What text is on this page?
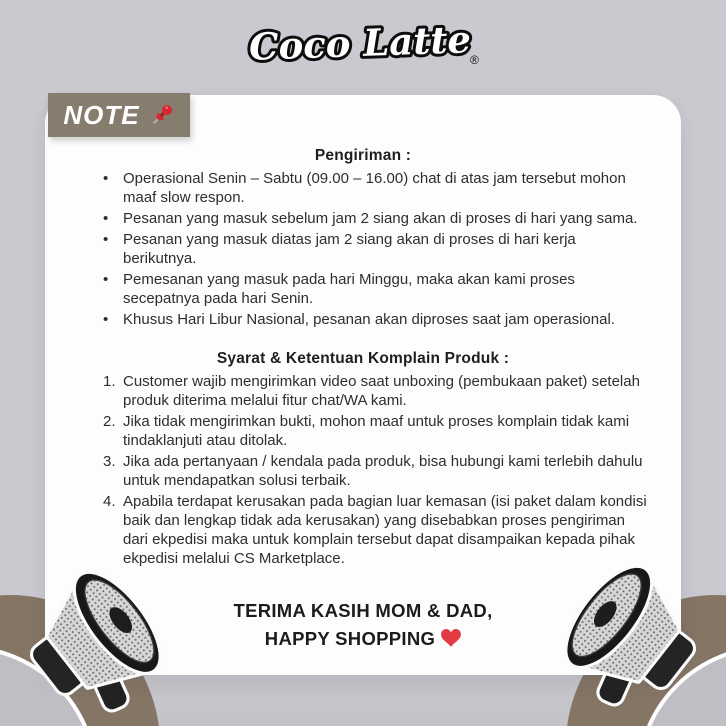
Coco Latte
®
NOTE
Pengiriman :
• Operasional Senin – Sabtu (09.00 – 16.00) chat di atas jam tersebut mohon maaf slow respon.
• Pesanan yang masuk sebelum jam 2 siang akan di proses di hari yang sama.
• Pesanan yang masuk diatas jam 2 siang akan di proses di hari kerja berikutnya.
• Pemesanan yang masuk pada hari Minggu, maka akan kami proses secepatnya pada hari Senin.
• Khusus Hari Libur Nasional, pesanan akan diproses saat jam operasional.
Syarat & Ketentuan Komplain Produk :
1. Customer wajib mengirimkan video saat unboxing (pembukaan paket) setelah produk diterima melalui fitur chat/WA kami.
2. Jika tidak mengirimkan bukti, mohon maaf untuk proses komplain tidak kami tindaklanjuti atau ditolak.
3. Jika ada pertanyaan / kendala pada produk, bisa hubungi kami terlebih dahulu untuk mendapatkan solusi terbaik.
4. Apabila terdapat kerusakan pada bagian luar kemasan (isi paket dalam kondisi baik dan lengkap tidak ada kerusakan) yang disebabkan proses pengiriman dari ekpedisi maka untuk komplain tersebut dapat disampaikan kepada pihak ekpedisi melalui CS Marketplace.
TERIMA KASIH MOM & DAD,
HAPPY SHOPPING
